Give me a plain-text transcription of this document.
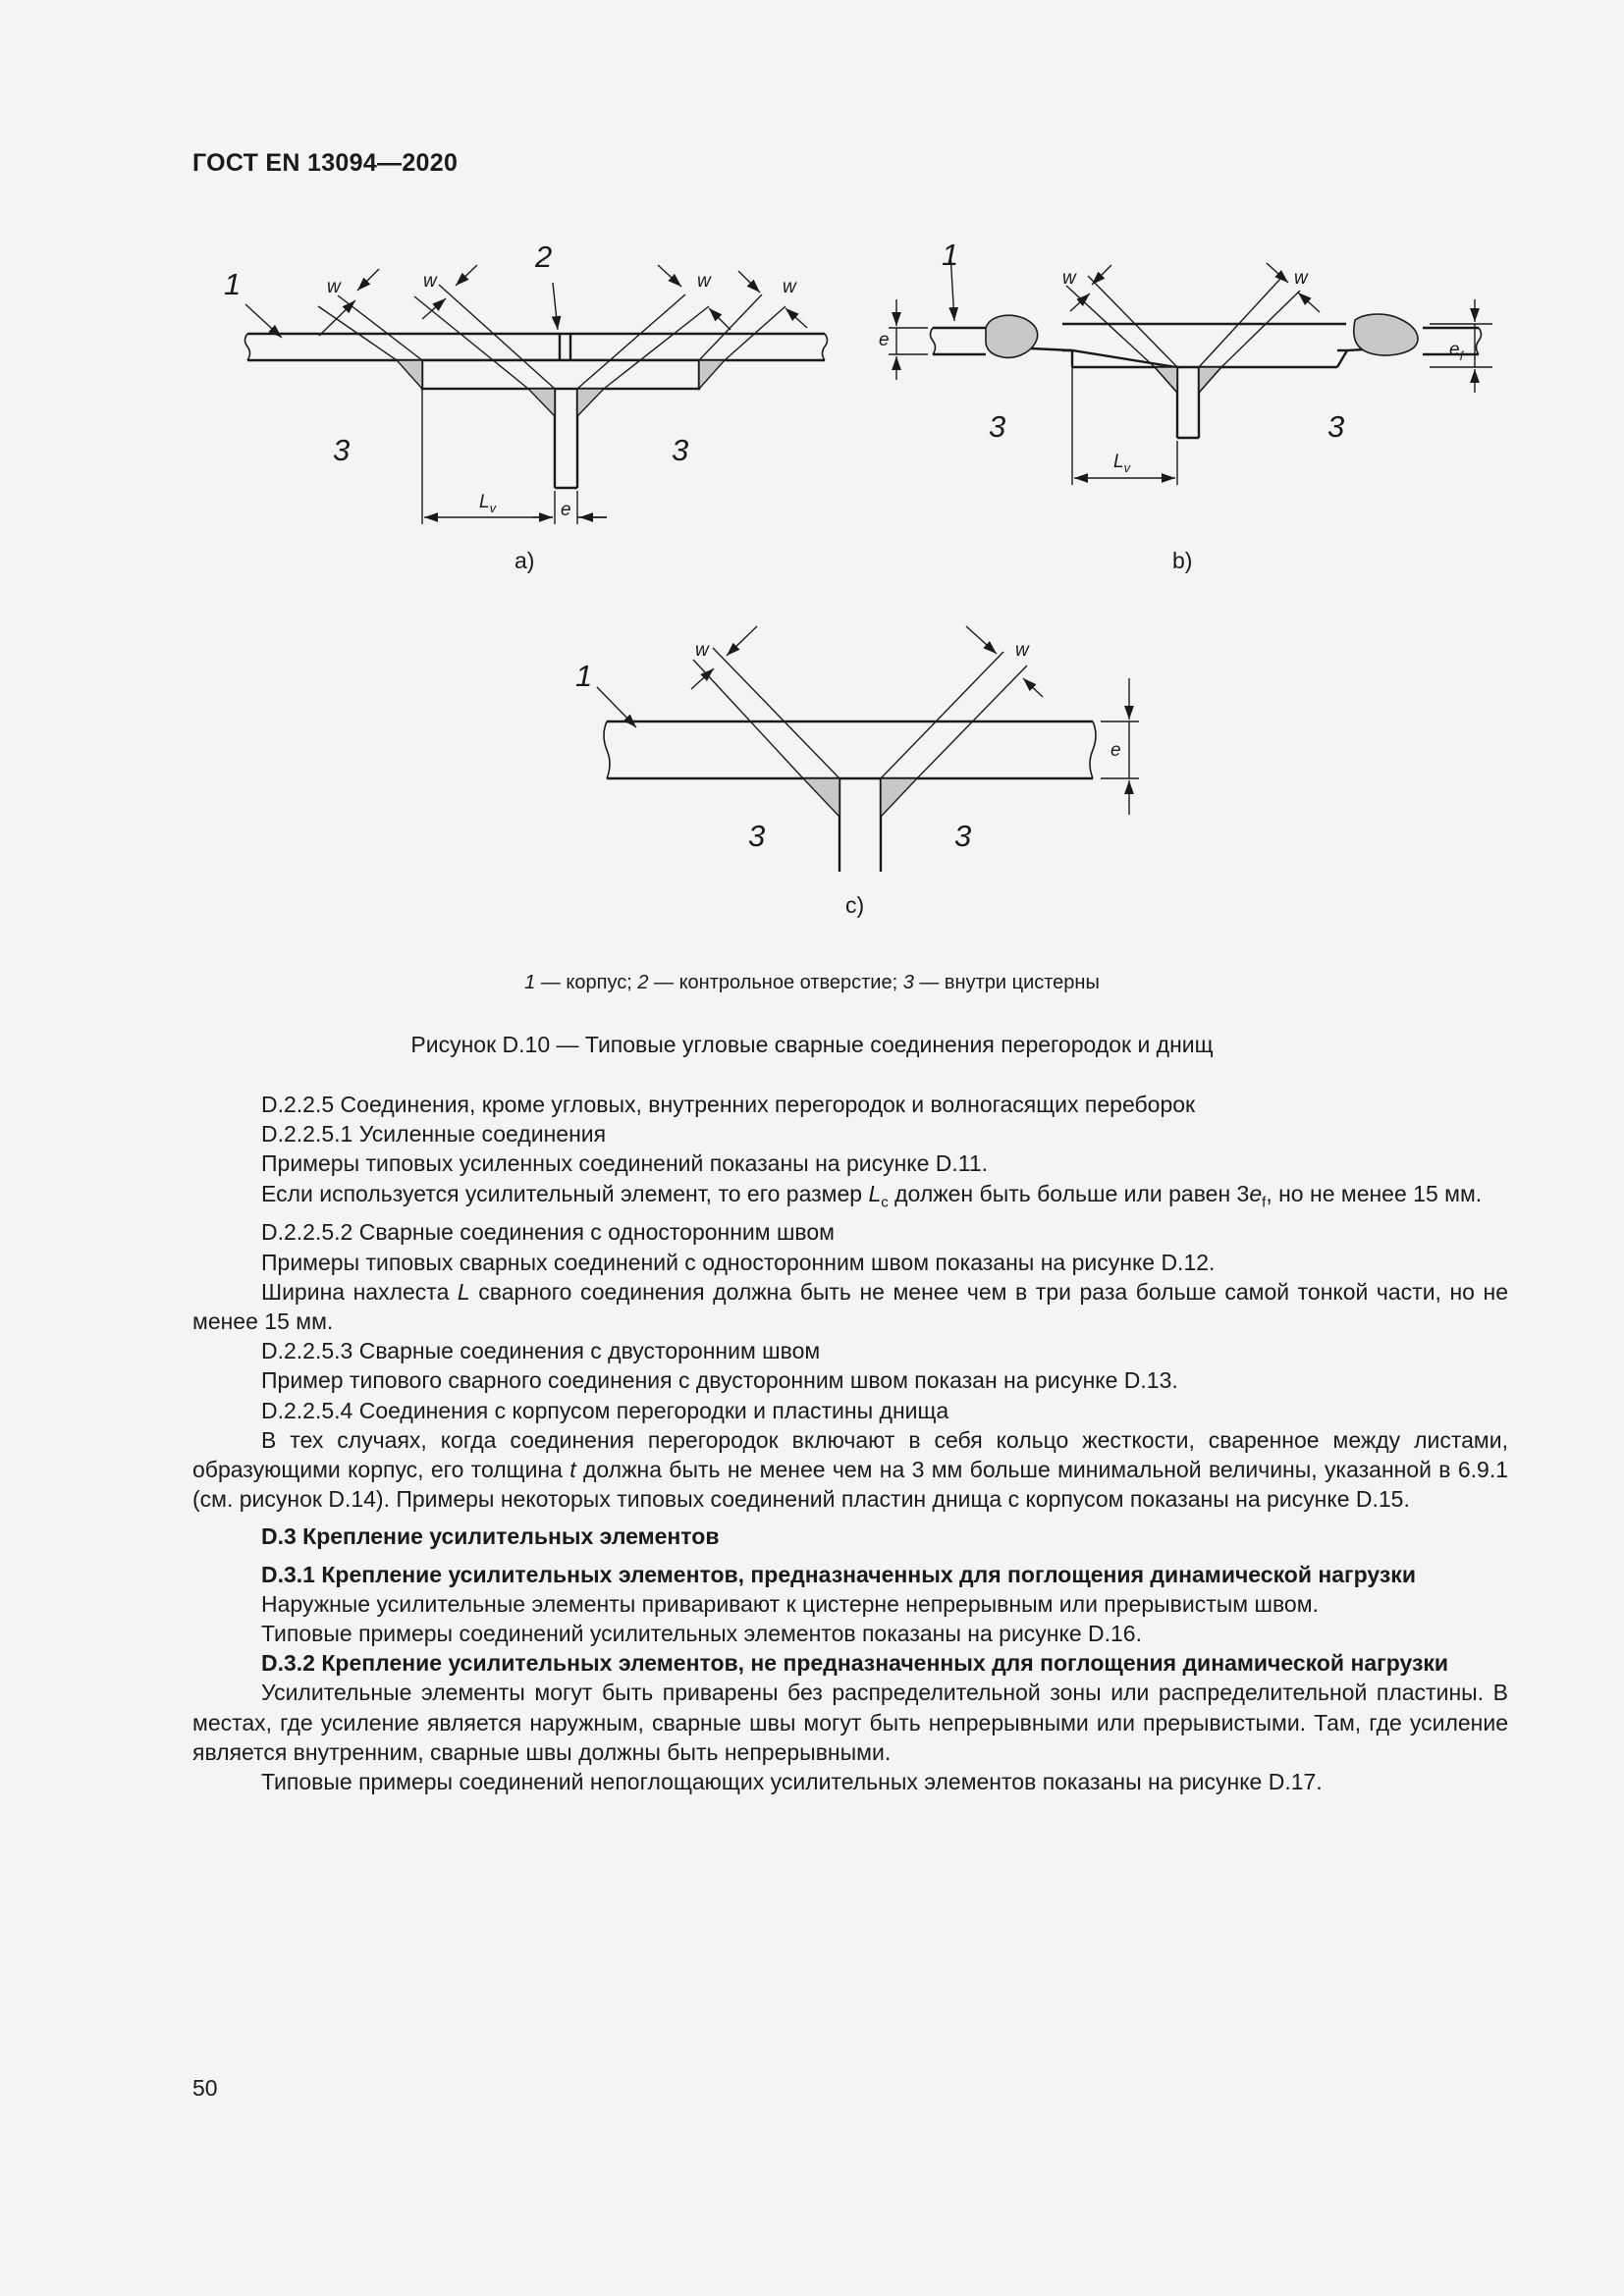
ГОСТ EN 13094—2020
1
2
3	3
w	w	w	w
$L_v$	e
a)
1
3	3
w	w
e	$e_f$
$L_v$
b)
1
3	3
w	w
e
c)
1 — корпус; 2 — контрольное отверстие; 3 — внутри цистерны
Рисунок D.10 — Типовые угловые сварные соединения перегородок и днищ

D.2.2.5 Соединения, кроме угловых, внутренних перегородок и волногасящих переборок

D.2.2.5.1 Усиленные соединения

Примеры типовых усиленных соединений показаны на рисунке D.11.

Если используется усилительный элемент, то его размер $L_c$ должен быть больше или равен $3e_f$, но не менее 15 мм.

D.2.2.5.2 Сварные соединения с односторонним швом

Примеры типовых сварных соединений с односторонним швом показаны на рисунке D.12.

Ширина нахлеста L сварного соединения должна быть не менее чем в три раза больше самой тонкой части, но не менее 15 мм.

D.2.2.5.3 Сварные соединения с двусторонним швом

Пример типового сварного соединения с двусторонним швом показан на рисунке D.13.

D.2.2.5.4 Соединения с корпусом перегородки и пластины днища

В тех случаях, когда соединения перегородок включают в себя кольцо жесткости, сваренное между листами, образующими корпус, его толщина t должна быть не менее чем на 3 мм больше минимальной величины, указанной в 6.9.1 (см. рисунок D.14). Примеры некоторых типовых соединений пластин днища с корпусом показаны на рисунке D.15.

D.3 Крепление усилительных элементов

D.3.1 Крепление усилительных элементов, предназначенных для поглощения динамической нагрузки

Наружные усилительные элементы приваривают к цистерне непрерывным или прерывистым швом.

Типовые примеры соединений усилительных элементов показаны на рисунке D.16.

D.3.2 Крепление усилительных элементов, не предназначенных для поглощения динамической нагрузки

Усилительные элементы могут быть приварены без распределительной зоны или распределительной пластины. В местах, где усиление является наружным, сварные швы могут быть непрерывными или прерывистыми. Там, где усиление является внутренним, сварные швы должны быть непрерывными.

Типовые примеры соединений непоглощающих усилительных элементов показаны на рисунке D.17.

50
